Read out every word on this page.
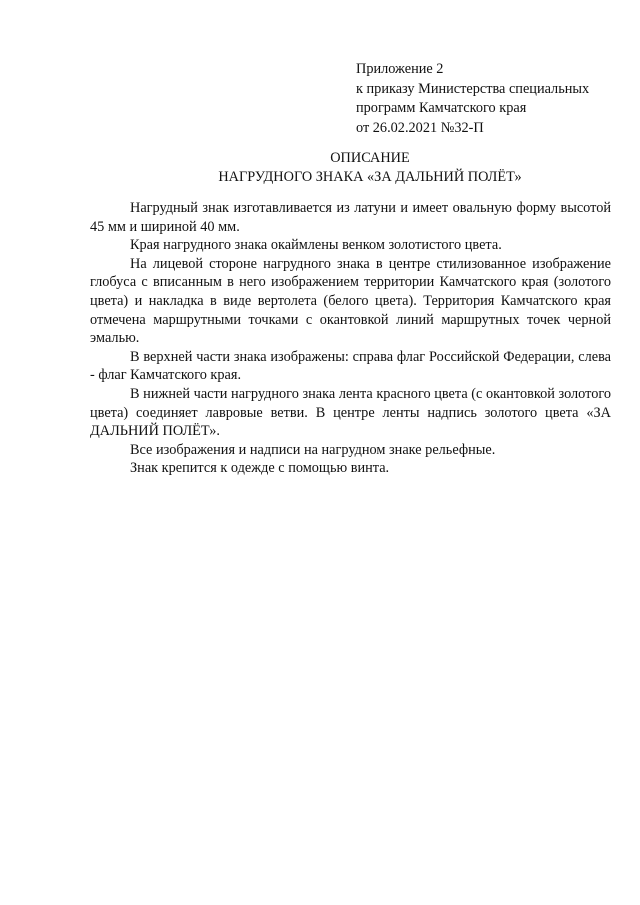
Приложение 2
к приказу Министерства специальных
программ Камчатского края
от 26.02.2021 №32-П
ОПИСАНИЕ
НАГРУДНОГО ЗНАКА «ЗА ДАЛЬНИЙ ПОЛЁТ»

Нагрудный знак изготавливается из латуни и имеет овальную форму высотой 45 мм и шириной 40 мм.

Края нагрудного знака окаймлены венком золотистого цвета.

На лицевой стороне нагрудного знака в центре стилизованное изображение глобуса с вписанным в него изображением территории Камчатского края (золотого цвета) и накладка в виде вертолета (белого цвета). Территория Камчатского края отмечена маршрутными точками с окантовкой линий маршрутных точек черной эмалью.

В верхней части знака изображены: справа флаг Российской Федерации, слева - флаг Камчатского края.

В нижней части нагрудного знака лента красного цвета (с окантовкой золотого цвета) соединяет лавровые ветви. В центре ленты надпись золотого цвета «ЗА ДАЛЬНИЙ ПОЛЁТ».

Все изображения и надписи на нагрудном знаке рельефные.

Знак крепится к одежде с помощью винта.
